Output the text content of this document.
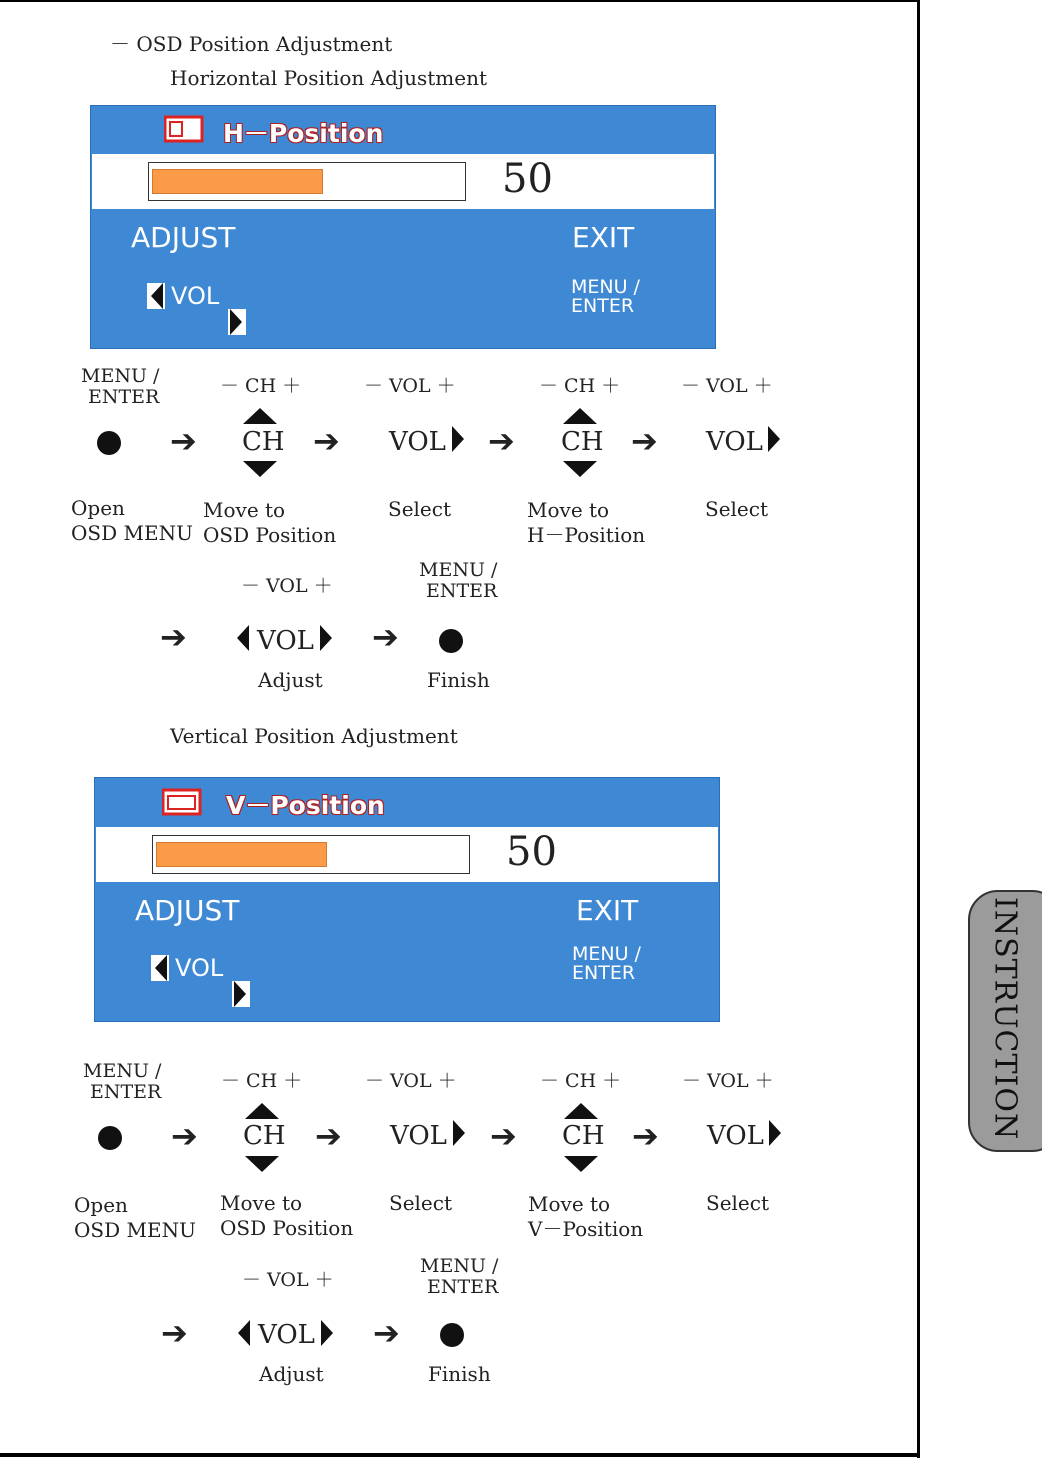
INSTRUCTION
－ OSD Position Adjustment
Horizontal Position Adjustment
H－Position
50
ADJUST	EXIT
VOL	MENU /
ENTER
MENU /
ENTER
Open
OSD MENU
➔
－ CH ＋
CH
Move to
OSD Position
➔
－ VOL ＋
VOL
Select
➔
－ CH ＋
CH
Move to
H－Position
➔
－ VOL ＋
VOL
Select
➔
－ VOL ＋
VOL
Adjust
➔
MENU /
ENTER
Finish
Vertical Position Adjustment
V－Position
50
ADJUST	EXIT
VOL	MENU /
ENTER
MENU /
ENTER
Open
OSD MENU
➔
－ CH ＋
CH
Move to
OSD Position
➔
－ VOL ＋
VOL
Select
➔
－ CH ＋
CH
Move to
V－Position
➔
－ VOL ＋
VOL
Select
➔
－ VOL ＋
VOL
Adjust
➔
MENU /
ENTER
Finish
